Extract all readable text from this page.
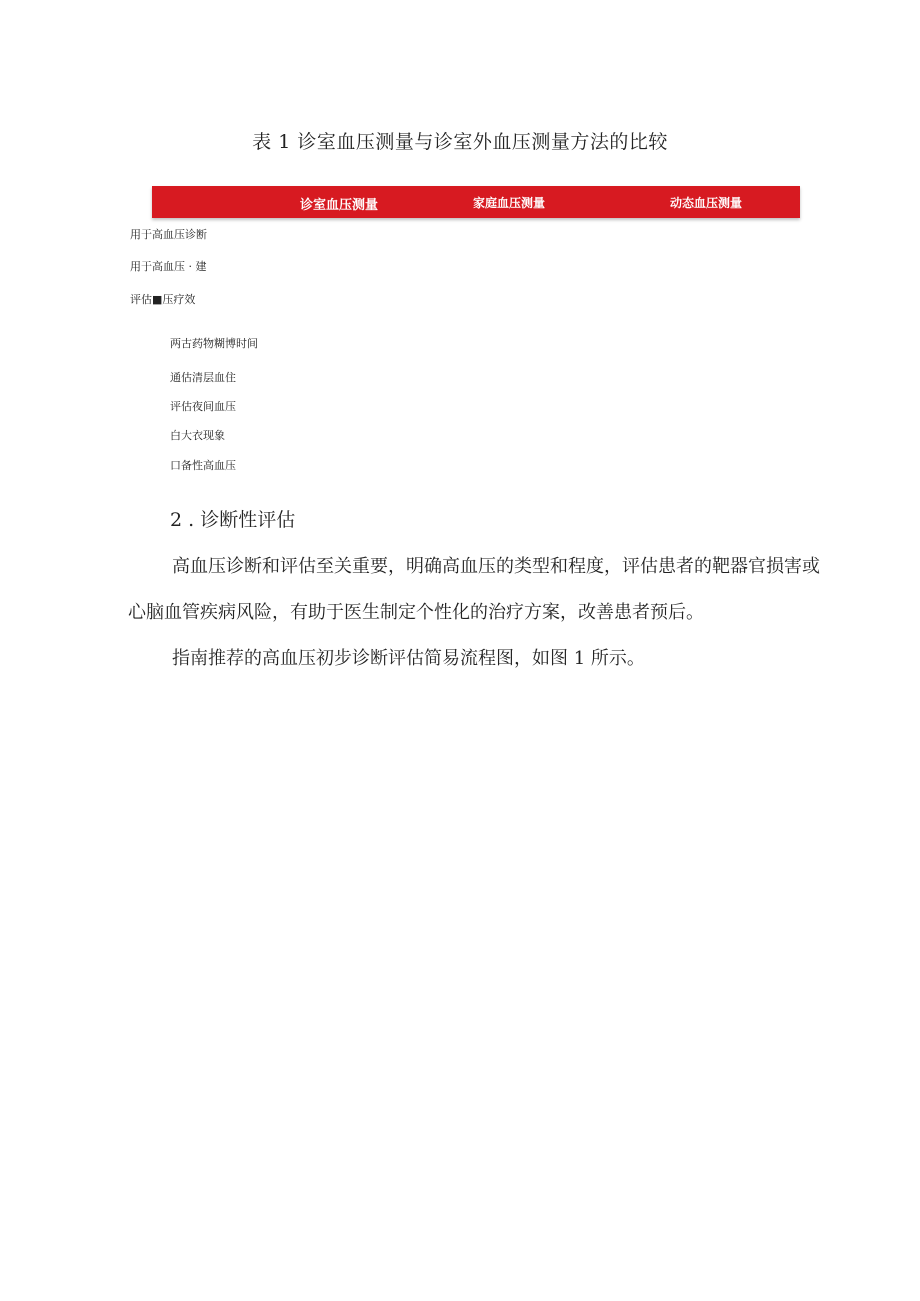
表 1 诊室血压测量与诊室外血压测量方法的比较
诊室血压测量	家庭血压测量	动态血压测量
用于高血压诊断
用于高血压 · 建
评估■压疗效
两古药物糊博时间
通估清层血住
评估夜间血压
白大衣现象
口备性高血压
2 . 诊断性评估
高血压诊断和评估至关重要，明确高血压的类型和程度，评估患者的靶器官损害或心脑血管疾病风险，有助于医生制定个性化的治疗方案，改善患者预后。
指南推荐的高血压初步诊断评估简易流程图，如图 1 所示。
